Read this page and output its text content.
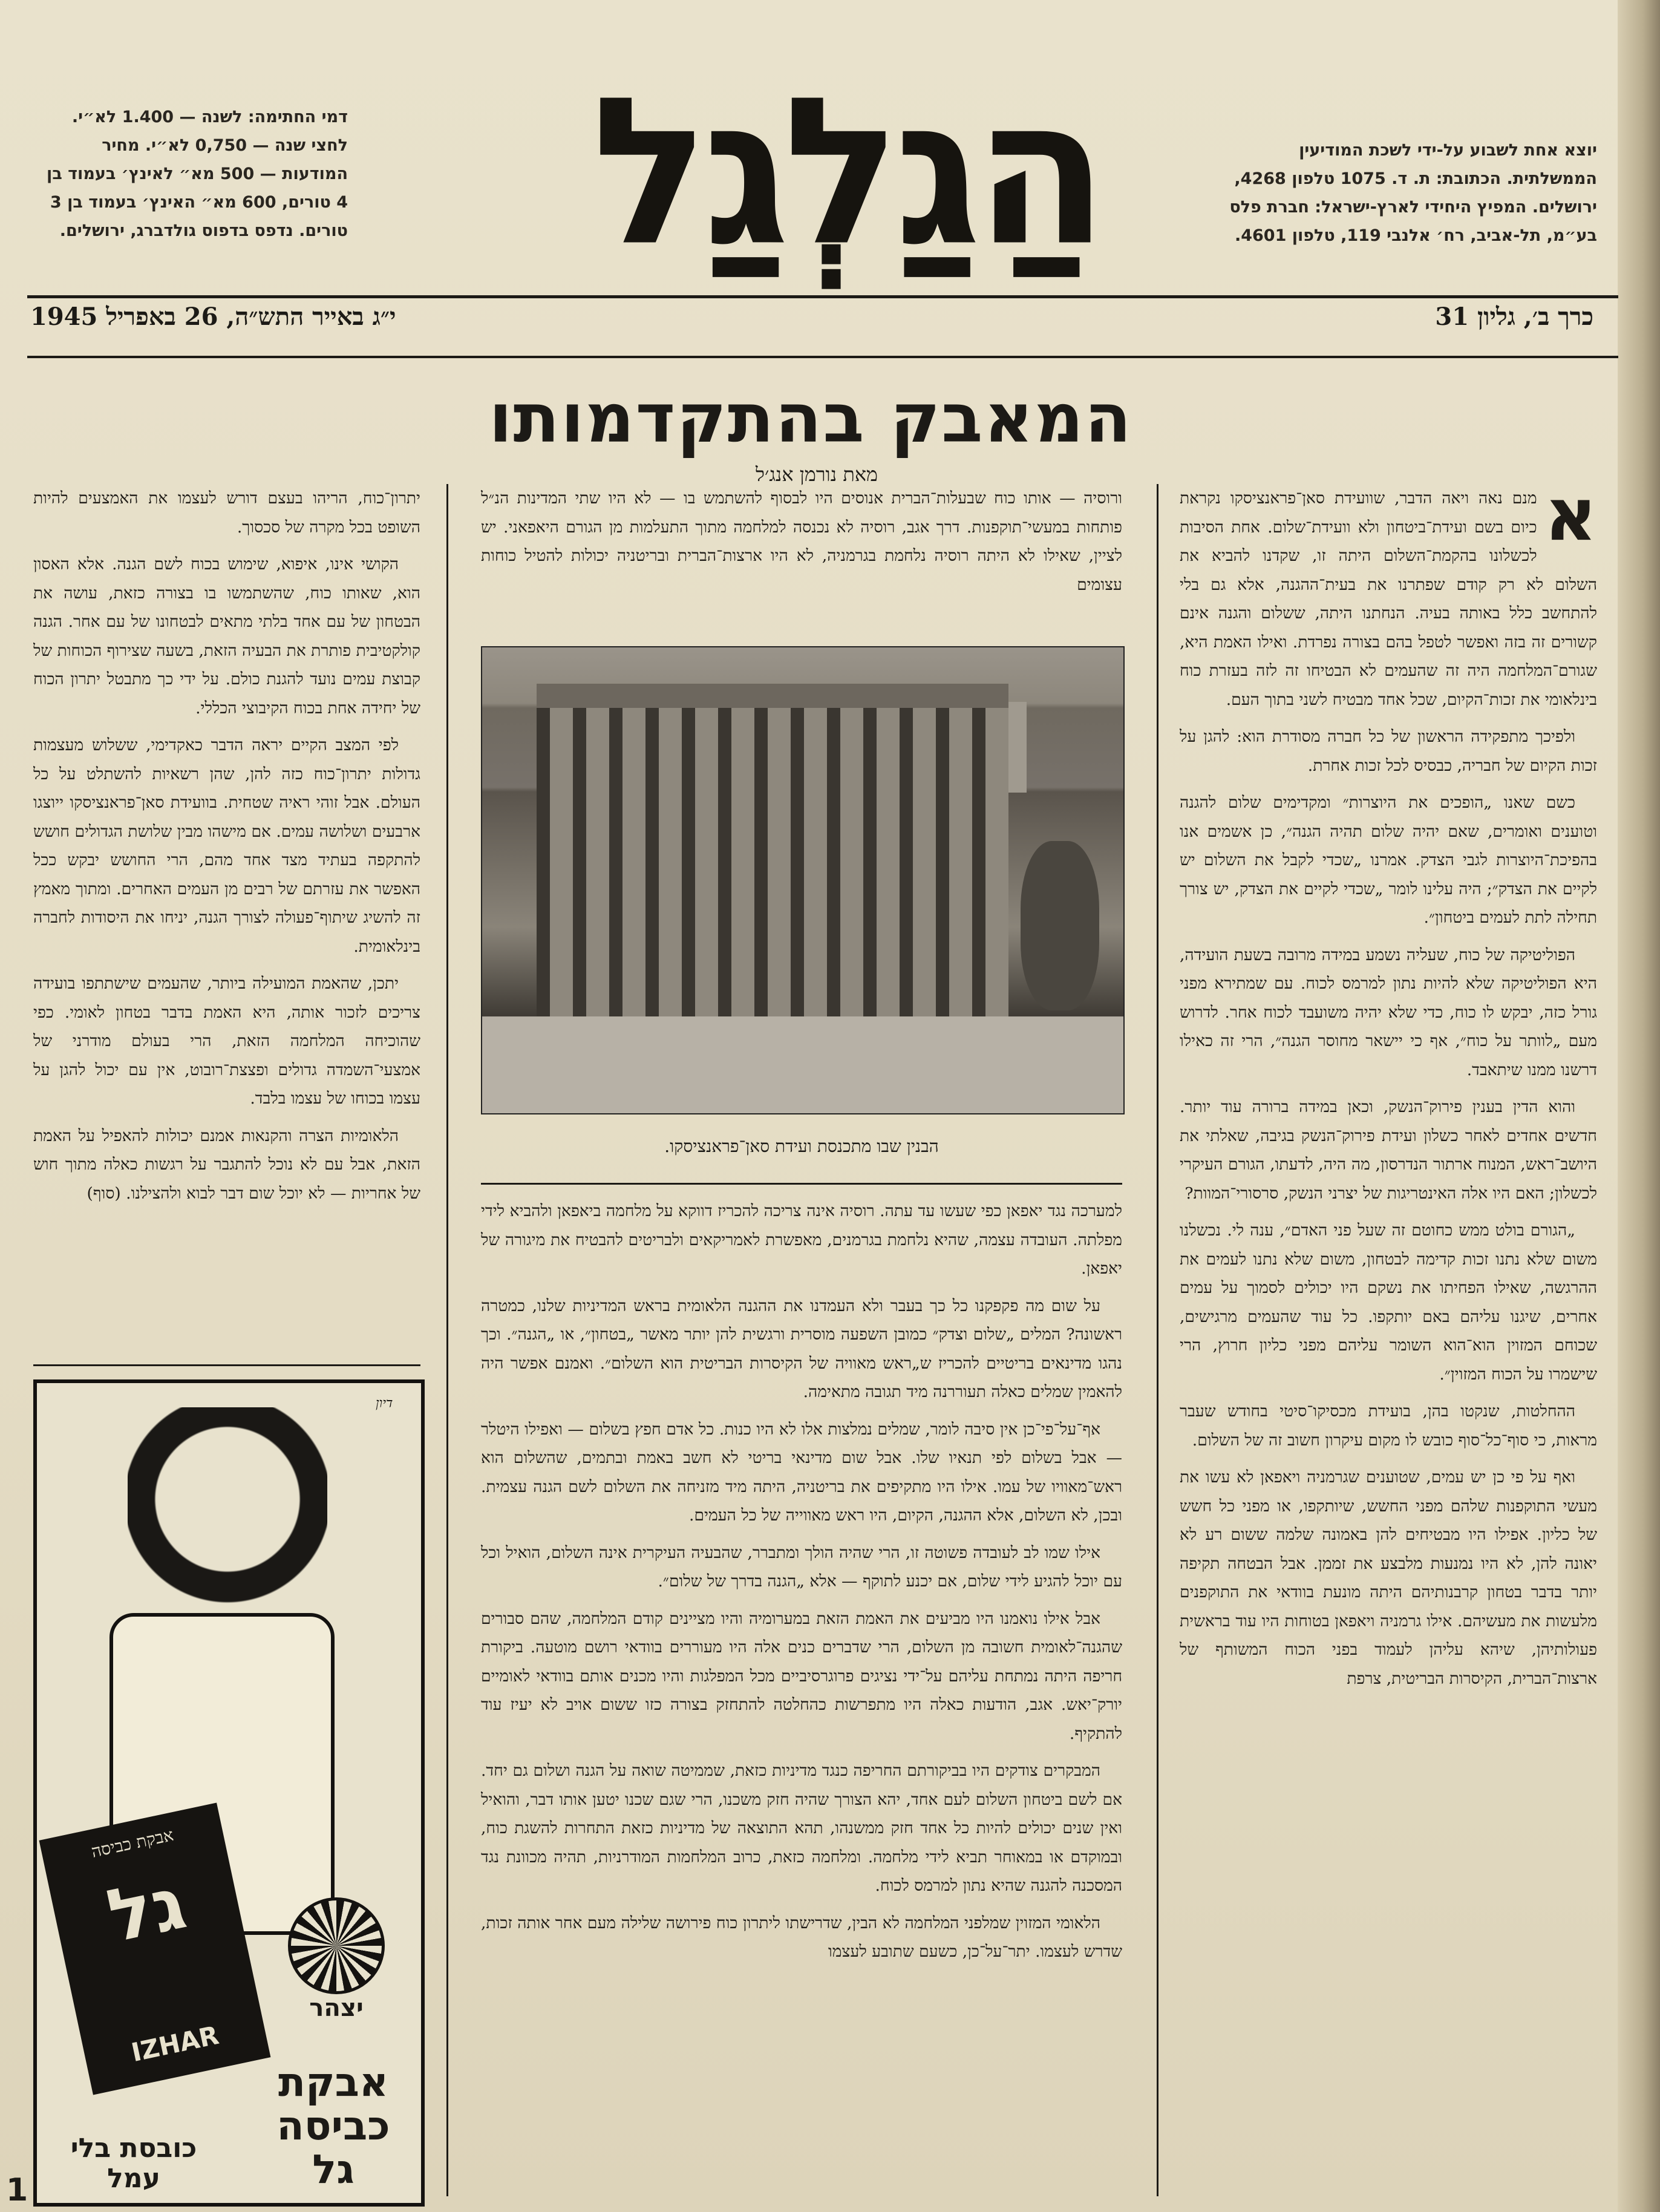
יוצא אחת לשבוע על-ידי לשכת המודיעין הממשלתית. הכתובת: ת. ד. 1075 טלפון 4268, ירושלים. המפיץ היחידי לארץ-ישראל: חברת פלס בע״מ, תל-אביב, רח׳ אלנבי 119, טלפון 4601.
הַגַלְגַל
דמי החתימה: לשנה — 1.400 לא״י. לחצי שנה — 0,750 לא״י. מחיר המודעות — 500 מא״ לאינץ׳ בעמוד בן 4 טורים, 600 מא״ האינץ׳ בעמוד בן 3 טורים. נדפס בדפוס גולדברג, ירושלים.
כרך ב׳, גליון 31
י״ג באייר התש״ה, 26 באפריל 1945
המאבק בהתקדמותו
מאת נורמן אנג׳ל	א

מנם נאה ויאה הדבר, שוועידת סאן־פראנציסקו נקראת כיום בשם ועידת־ביטחון ולא וועידת־שלום. אחת הסיבות לכשלונו בהקמת־השלום היתה זו, שקדנו להביא את השלום לא רק קודם שפתרנו את בעית־ההגנה, אלא גם בלי להתחשב כלל באותה בעיה. הנחתנו היתה, ששלום והגנה אינם קשורים זה בזה ואפשר לטפל בהם בצורה נפרדת. ואילו האמת היא, שגורם־המלחמה היה זה שהעמים לא הבטיחו זה לזה בעזרת כוח בינלאומי את זכות־הקיום, שכל אחד מבטיח לשני בתוך העם.

ולפיכך מתפקידה הראשון של כל חברה מסודרת הוא: להגן על זכות הקיום של חבריה, כבסיס לכל זכות אחרת.

כשם שאנו „הופכים את היוצרות״ ומקדימים שלום להגנה וטוענים ואומרים, שאם יהיה שלום תהיה הגנה״, כן אשמים אנו בהפיכת־היוצרות לגבי הצדק. אמרנו „שכדי לקבל את השלום יש לקיים את הצדק״; היה עלינו לומר „שכדי לקיים את הצדק, יש צורך תחילה לתת לעמים ביטחון״.

הפוליטיקה של כוח, שעליה נשמע במידה מרובה בשעת הועידה, היא הפוליטיקה שלא להיות נתון למרמס לכוח. עם שמתירא מפני גורל כזה, יבקש לו כוח, כדי שלא יהיה משועבד לכוח אחר. לדרוש מעם „לוותר על כוח״, אף כי יישאר מחוסר הגנה״, הרי זה כאילו דרשנו ממנו שיתאבד.

והוא הדין בענין פירוק־הנשק, וכאן במידה ברורה עוד יותר. חדשים אחדים לאחר כשלון ועידת פירוק־הנשק בגיבה, שאלתי את היושב־ראש, המנוח ארתור הנדרסון, מה היה, לדעתו, הגורם העיקרי לכשלון; האם היו אלה האינטריגות של יצרני הנשק, סרסורי־המוות?

„הגורם בולט ממש כחוטם זה שעל פני האדם״, ענה לי. נכשלנו משום שלא נתנו זכות קדימה לבטחון, משום שלא נתנו לעמים את ההרגשה, שאילו הפחיתו את נשקם היו יכולים לסמוך על עמים אחרים, שיגנו עליהם באם יותקפו. כל עוד שהעמים מרגישים, שכוחם המזוין הוא־הוא השומר עליהם מפני כליון חרוץ, הרי שישמרו על הכוח המזוין״.

ההחלטות, שנקטו בהן, בועידת מכסיקו־סיטי בחודש שעבר מראות, כי סוף־כל־סוף כובש לו מקום עיקרון חשוב זה של השלום.

ואף על פי כן יש עמים, שטוענים שגרמניה ויאפאן לא עשו את מעשי התוקפנות שלהם מפני החשש, שיותקפו, או מפני כל חשש של כליון. אפילו היו מבטיחים להן באמונה שלמה ששום רע לא יאונה להן, לא היו נמנעות מלבצע את זממן. אבל הבטחה תקיפה יותר בדבר בטחון קרבנותיהם היתה מונעת בוודאי את התוקפנים מלעשות את מעשיהם. אילו גרמניה ויאפאן בטוחות היו עוד בראשית פעולותיהן, שיהא עליהן לעמוד בפני הכוח המשותף של ארצות־הברית, הקיסרות הבריטית, צרפת

ורוסיה — אותו כוח שבעלות־הברית אנוסים היו לבסוף להשתמש בו — לא היו שתי המדינות הנ״ל פותחות במעשי־תוקפנות. דרך אגב, רוסיה לא נכנסה למלחמה מתוך התעלמות מן הגורם היאפאני. יש לציין, שאילו לא היתה רוסיה נלחמת בגרמניה, לא היו ארצות־הברית ובריטניה יכולות להטיל כוחות עצומים

הבנין שבו מתכנסת ועידת סאן־פראנציסקו.

למערכה נגד יאפאן כפי שעשו עד עתה. רוסיה אינה צריכה להכריז דווקא על מלחמה ביאפאן ולהביא לידי מפלתה. העובדה עצמה, שהיא נלחמת בגרמנים, מאפשרת לאמריקאים ולבריטים להבטיח את מיגורה של יאפאן.

על שום מה פקפקנו כל כך בעבר ולא העמדנו את ההגנה הלאומית בראש המדיניות שלנו, כמטרה ראשונה? המלים „שלום וצדק״ כמובן השפעה מוסרית ורגשית להן יותר מאשר „בטחון״, או „הגנה״. וכך נהגו מדינאים בריטיים להכריז ש„ראש מאוויה של הקיסרות הבריטית הוא השלום״. ואמנם אפשר היה להאמין שמלים כאלה תעוררנה מיד תגובה מתאימה.

אף־על־פי־כן אין סיבה לומר, שמלים נמלצות אלו לא היו כנות. כל אדם חפץ בשלום — ואפילו היטלר — אבל בשלום לפי תנאיו שלו. אבל שום מדינאי בריטי לא חשב באמת ובתמים, שהשלום הוא ראש־מאוויו של עמו. אילו היו מתקיפים את בריטניה, היתה מיד מזניחה את השלום לשם הגנה עצמית. ובכן, לא השלום, אלא ההגנה, הקיום, היו ראש מאווייה של כל העמים.

אילו שמו לב לעובדה פשוטה זו, הרי שהיה הולך ומתברר, שהבעיה העיקרית אינה השלום, הואיל וכל עם יוכל להגיע לידי שלום, אם יכנע לתוקף — אלא „הגנה בדרך של שלום״.

אבל אילו נואמנו היו מביעים את האמת הזאת במערומיה והיו מציינים קודם המלחמה, שהם סבורים שהגנה־לאומית חשובה מן השלום, הרי שדברים כנים אלה היו מעוררים בוודאי רושם מוטעה. ביקורת חריפה היתה נמתחת עליהם על־ידי נציגים פרוגרסיביים מכל המפלגות והיו מכנים אותם בוודאי לאומיים יורק־יאש. אגב, הודעות כאלה היו מתפרשות כהחלטה להתחזק בצורה כזו ששום אויב לא יעיז עוד להתקיף.

המבקרים צודקים היו בביקורתם החריפה כנגד מדיניות כזאת, שממיטה שואה על הגנה ושלום גם יחד. אם לשם ביטחון השלום לעם אחד, יהא הצורך שהיה חזק משכנו, הרי שגם שכנו יטען אותו דבר, והואיל ואין שנים יכולים להיות כל אחד חזק ממשנהו, תהא התוצאה של מדיניות כזאת התחרות להשגת כוח, ובמוקדם או במאוחר תביא לידי מלחמה. ומלחמה כזאת, כרוב המלחמות המודרניות, תהיה מכוונת נגד המסכנה להגנה שהיא נתון למרמס לכוח.

הלאומי המזוין שמלפני המלחמה לא הבין, שדרישתו ליתרון כוח פירושה שלילה מעם אחר אותה זכות, שדרש לעצמו. יתר־על־כן, כשעם שתובע לעצמו

יתרון־כוח, הריהו בעצם דורש לעצמו את האמצעים להיות השופט בכל מקרה של סכסוך.

הקושי אינו, איפוא, שימוש בכוח לשם הגנה. אלא האסון הוא, שאותו כוח, שהשתמשו בו בצורה כזאת, עושה את הבטחון של עם אחד בלתי מתאים לבטחונו של עם אחר. הגנה קולקטיבית פותרת את הבעיה הזאת, בשעה שצירוף הכוחות של קבוצת עמים נועד להגנת כולם. על ידי כך מתבטל יתרון הכוח של יחידה אחת בכוח הקיבוצי הכללי.

לפי המצב הקיים יראה הדבר כאקדימי, ששלוש מעצמות גדולות יתרון־כוח כזה להן, שהן רשאיות להשתלט על כל העולם. אבל זוהי ראיה שטחית. בוועידת סאן־פראנציסקו ייוצגו ארבעים ושלושה עמים. אם מישהו מבין שלושת הגדולים חושש להתקפה בעתיד מצד אחד מהם, הרי החושש יבקש ככל האפשר את עזרתם של רבים מן העמים האחרים. ומתוך מאמץ זה להשיג שיתוף־פעולה לצורך הגנה, יניחו את היסודות לחברה בינלאומית.

יתכן, שהאמת המועילה ביותר, שהעמים שישתתפו בועידה צריכים לזכור אותה, היא האמת בדבר בטחון לאומי. כפי שהוכיחה המלחמה הזאת, הרי בעולם מודרני של אמצעי־השמדה גדולים ופצצת־רובוט, אין עם יכול להגן על עצמו בכוחו של עצמו בלבד.

הלאומיות הצרה והקנאות אמנם יכולות להאפיל על האמת הזאת, אבל עם לא נוכל להתגבר על רגשות כאלה מתוך חוש של אחריות — לא יוכל שום דבר לבוא ולהצילנו. (סוף)

דיון
אבקת כביסה
גל
IZHAR
יצהר
אבקת כביסה גל
כובסת בלי עמל
1
